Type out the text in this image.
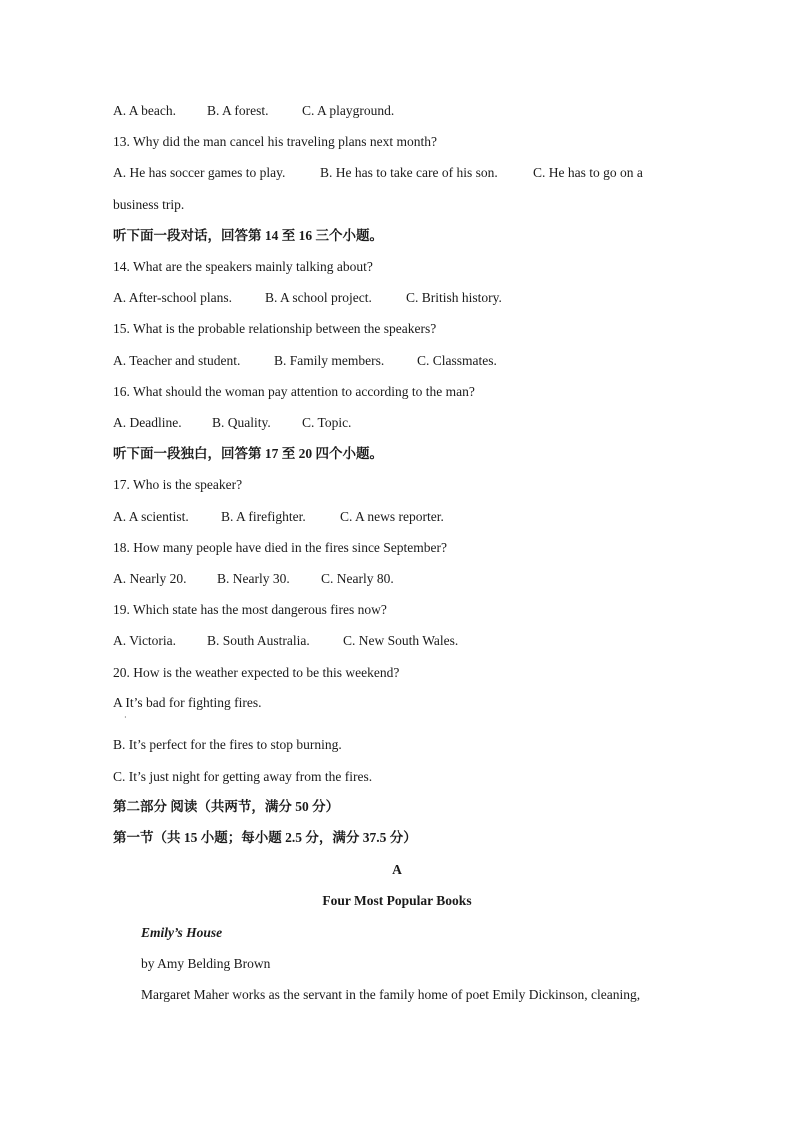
A. A beach. B. A forest. C. A playground.
13. Why did the man cancel his traveling plans next month?
A. He has soccer games to play.	B. He has to take care of his son.	C. He has to go on a
business trip.
听下面一段对话，回答第 14 至 16 三个小题。
14. What are the speakers mainly talking about?
A. After-school plans. B. A school project.	C. British history.
15. What is the probable relationship between the speakers?
A. Teacher and student. B. Family members. C. Classmates.
16. What should the woman pay attention to according to the man?
A. Deadline. B. Quality. C. Topic.
听下面一段独白，回答第 17 至 20 四个小题。
17. Who is the speaker?
A. A scientist. B. A firefighter.	C. A news reporter.
18. How many people have died in the fires since September?
A. Nearly 20. B. Nearly 30. C. Nearly 80.
19. Which state has the most dangerous fires now?
A. Victoria. B. South Australia. C. New South Wales.
20. How is the weather expected to be this weekend?
A It’s bad for fighting fires.
·
B. It’s perfect for the fires to stop burning.
C. It’s just night for getting away from the fires.
第二部分 阅读（共两节，满分 50 分）
第一节（共 15 小题；每小题 2.5 分，满分 37.5 分）
A
Four Most Popular Books
Emily’s House
by Amy Belding Brown
Margaret Maher works as the servant in the family home of poet Emily Dickinson, cleaning,
